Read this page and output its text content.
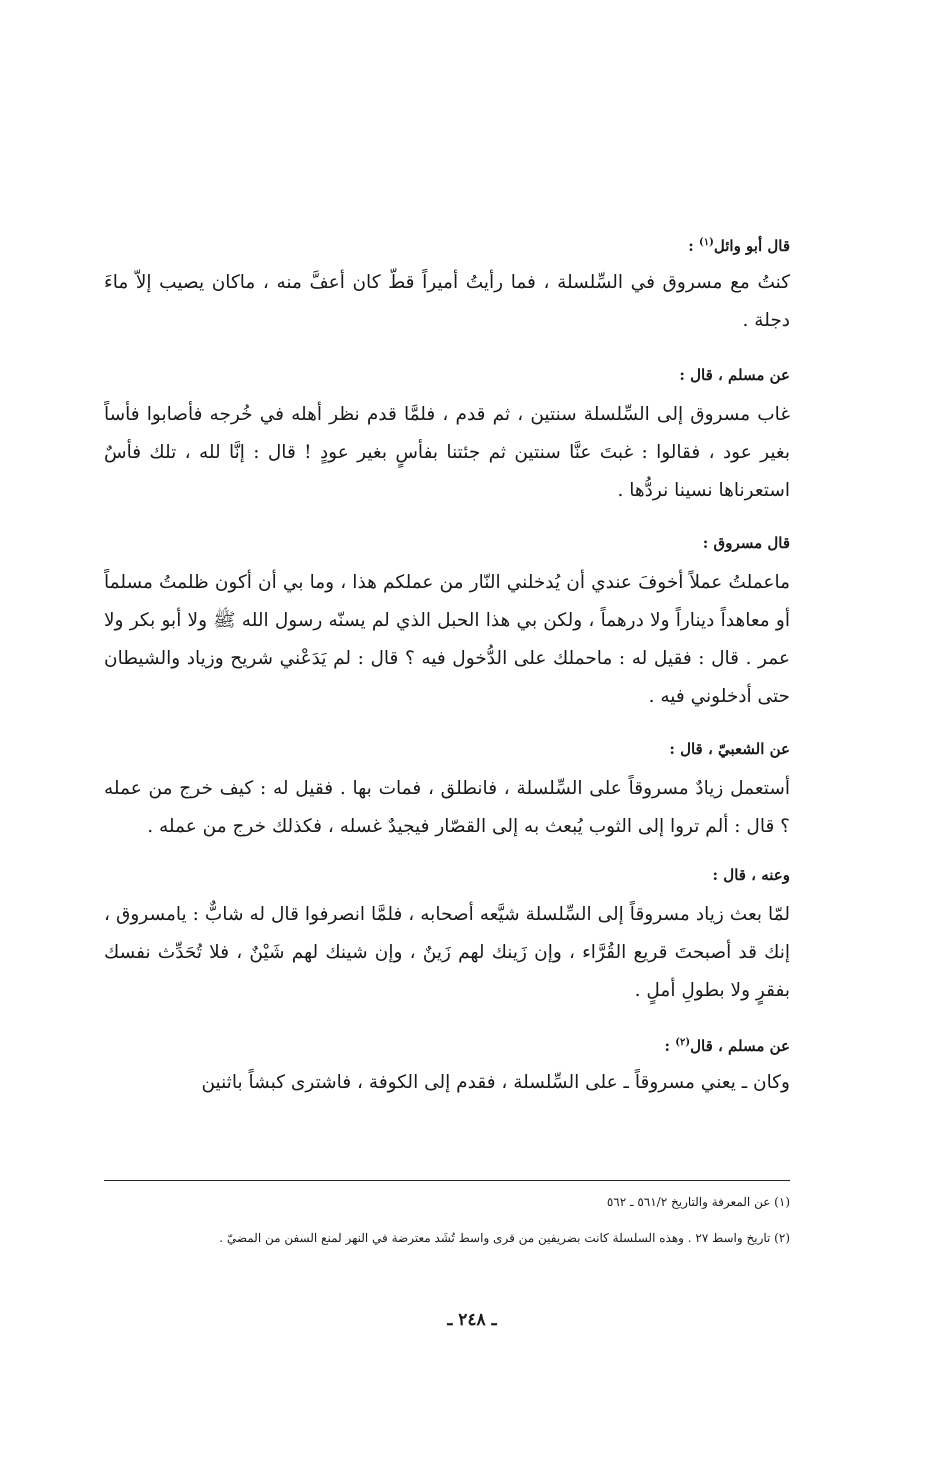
قال أبو وائل$^{(١)}$ :

كنتُ مع مسروق في السِّلسلة ، فما رأيتُ أميراً قطّ كان أعفَّ منه ، ماكان يصيب إلاّ ماءَ دجلة .

عن مسلم ، قال :

غاب مسروق إلى السِّلسلة سنتين ، ثم قدم ، فلمَّا قدم نظر أهله في خُرجه فأصابوا فأساً بغير عود ، فقالوا : غبتَ عنَّا سنتين ثم جئتنا بفأسٍ بغير عودٍ ! قال : إنَّا لله ، تلك فأسٌ استعرناها نسينا نردُّها .

قال مسروق :

ماعملتُ عملاً أخوفَ عندي أن يُدخلني النّار من عملكم هذا ، وما بي أن أكون ظلمتُ مسلماً أو معاهداً ديناراً ولا درهماً ، ولكن بي هذا الحبل الذي لم يسنّه رسول الله ﷺ ولا أبو بكر ولا عمر . قال : فقيل له : ماحملك على الدُّخول فيه ؟ قال : لم يَدَعْني شريح وزياد والشيطان حتى أدخلوني فيه .

عن الشعبيّ ، قال :

أستعمل زيادٌ مسروقاً على السِّلسلة ، فانطلق ، فمات بها . فقيل له : كيف خرج من عمله ؟ قال : ألم تروا إلى الثوب يُبعث به إلى القصّار فيجيدٌ غسله ، فكذلك خرج من عمله .

وعنه ، قال :

لمّا بعث زياد مسروقاً إلى السِّلسلة شيَّعه أصحابه ، فلمَّا انصرفوا قال له شابٌّ : يامسروق ، إنك قد أصبحتَ قريع القُرَّاء ، وإن زَينك لهم زَينٌ ، وإن شينك لهم شَيْنٌ ، فلا تُحَدِّث نفسك بفقرٍ ولا بطولِ أملٍ .

عن مسلم ، قال$^{(٢)}$ :

وكان ـ يعني مسروقاً ـ على السِّلسلة ، فقدم إلى الكوفة ، فاشترى كبشاً باثنين

(١) عن المعرفة والتاريخ ٥٦١/٢ ـ ٥٦٢

(٢) تاريخ واسط ٢٧ . وهذه السلسلة كانت بضريفين من قرى واسط تُشَد معترضة في النهر لمنع السفن من المضيّ .

ـ ٢٤٨ ـ
